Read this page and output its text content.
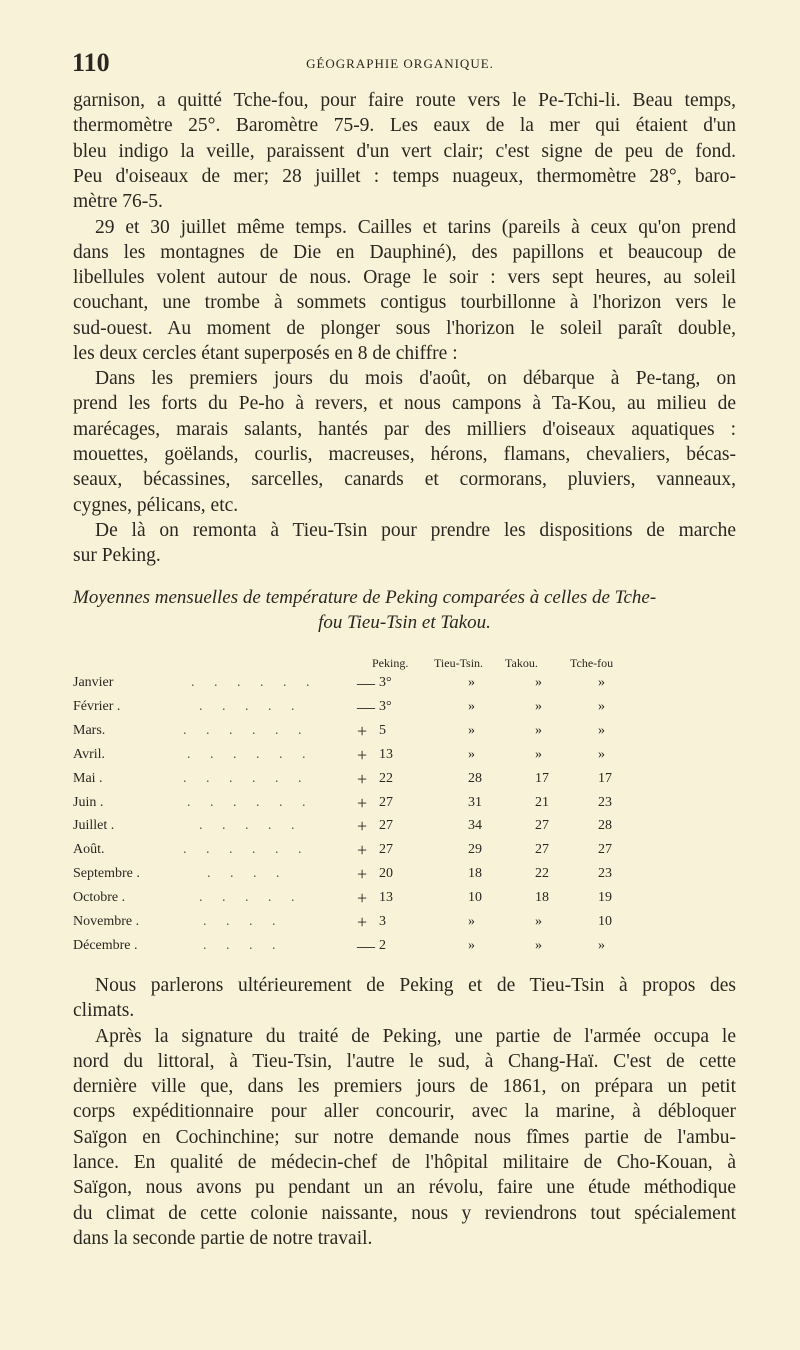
110	GÉOGRAPHIE ORGANIQUE.
garnison, a quitté Tche-fou, pour faire route vers le Pe-Tchi-li. Beau temps,
thermomètre 25°. Baromètre 75-9. Les eaux de la mer qui étaient d'un
bleu indigo la veille, paraissent d'un vert clair; c'est signe de peu de fond.
Peu d'oiseaux de mer; 28 juillet : temps nuageux, thermomètre 28°, baro-
mètre 76-5.
29 et 30 juillet même temps. Cailles et tarins (pareils à ceux qu'on prend
dans les montagnes de Die en Dauphiné), des papillons et beaucoup de
libellules volent autour de nous. Orage le soir : vers sept heures, au soleil
couchant, une trombe à sommets contigus tourbillonne à l'horizon vers le
sud-ouest. Au moment de plonger sous l'horizon le soleil paraît double,
les deux cercles étant superposés en 8 de chiffre :
Dans les premiers jours du mois d'août, on débarque à Pe-tang, on
prend les forts du Pe-ho à revers, et nous campons à Ta-Kou, au milieu de
marécages, marais salants, hantés par des milliers d'oiseaux aquatiques :
mouettes, goëlands, courlis, macreuses, hérons, flamans, chevaliers, bécas-
seaux, bécassines, sarcelles, canards et cormorans, pluviers, vanneaux,
cygnes, pélicans, etc.
De là on remonta à Tieu-Tsin pour prendre les dispositions de marche
sur Peking.
Nous parlerons ultérieurement de Peking et de Tieu-Tsin à propos des
climats.
Après la signature du traité de Peking, une partie de l'armée occupa le
nord du littoral, à Tieu-Tsin, l'autre le sud, à Chang-Haï. C'est de cette
dernière ville que, dans les premiers jours de 1861, on prépara un petit
corps expéditionnaire pour aller concourir, avec la marine, à débloquer
Saïgon en Cochinchine; sur notre demande nous fîmes partie de l'ambu-
lance. En qualité de médecin-chef de l'hôpital militaire de Cho-Kouan, à
Saïgon, nous avons pu pendant un an révolu, faire une étude méthodique
du climat de cette colonie naissante, nous y reviendrons tout spécialement
dans la seconde partie de notre travail.
Moyennes mensuelles de température de Peking comparées à celles de Tche-
fou Tieu-Tsin et Takou.
Peking. Tieu-Tsin. Takou.	Tche-fou
Janvier	— 3°	»	»	»
. . . . . .
Février .	— 3°	»	»	»
. . . . .
Mars.	+ 5	»	»	»
. . . . . .
Avril.	+ 13	»	»	»
. . . . . .
Mai .	+ 22	28	17	17
. . . . . .
Juin .	+ 27	31	21	23
. . . . . .
Juillet .	+ 27	34	27	28
. . . . .
Août.	+ 27	29	27	27
. . . . . .
Septembre .	+ 20	18	22	23
. . . .
Octobre .	+ 13	10	18	19
. . . . .
Novembre .	+ 3	»	»	10
. . . .
Décembre .	— 2	»	»	»
. . . .
